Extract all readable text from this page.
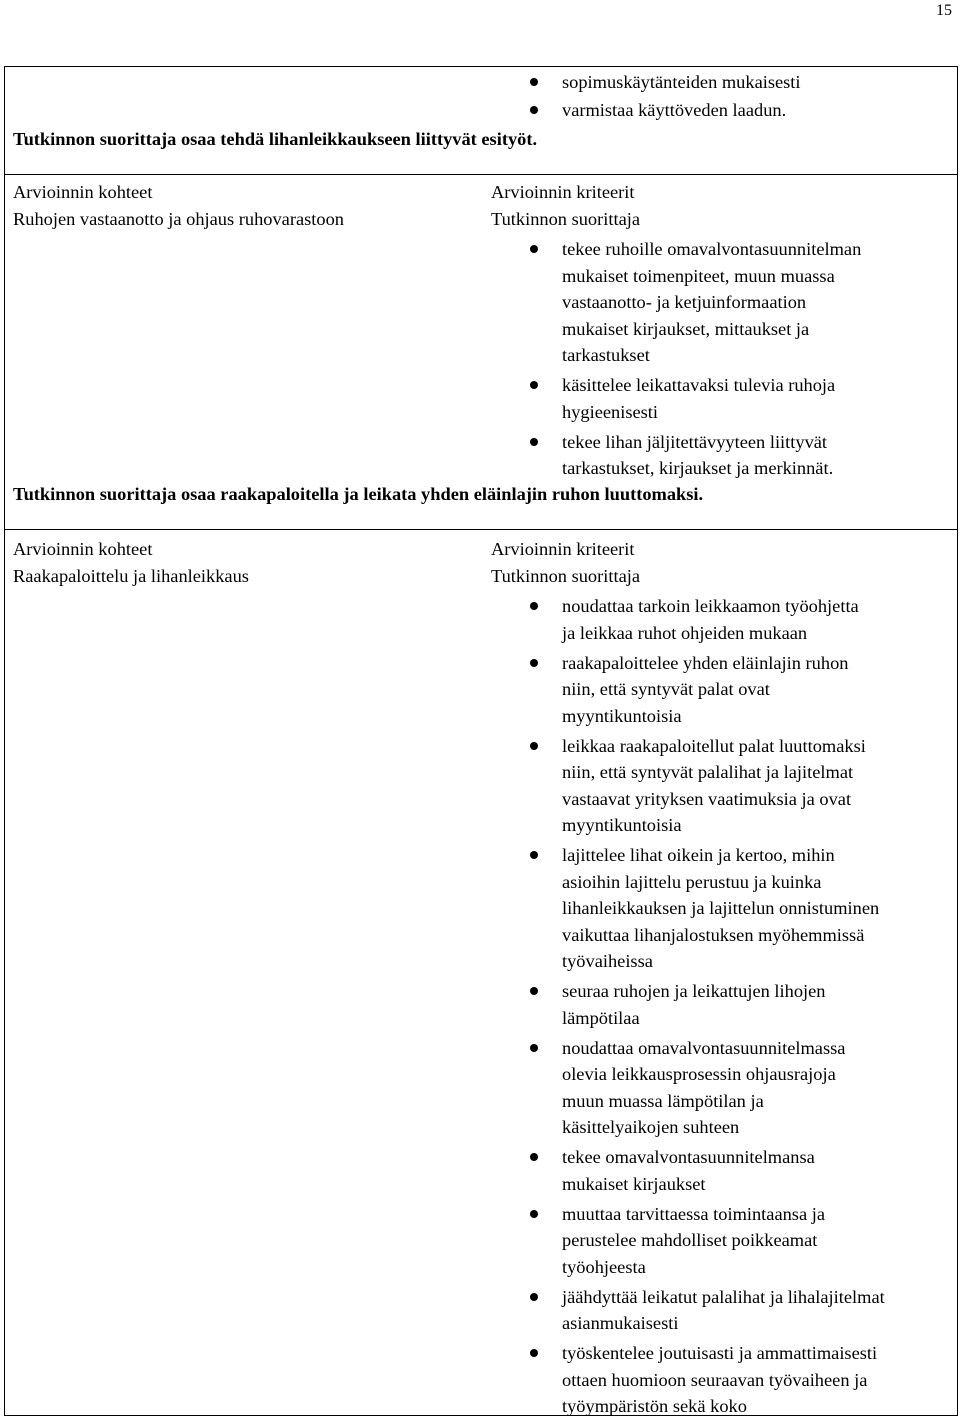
15
sopimuskäytänteiden mukaisesti
varmistaa käyttöveden laadun.
Tutkinnon suorittaja osaa tehdä lihanleikkaukseen liittyvät esityöt.
Arvioinnin kohteet	Arvioinnin kriteerit
Ruhojen vastaanotto ja ohjaus ruhovarastoon	Tutkinnon suorittaja
tekee ruhoille omavalvontasuunnitelman
mukaiset toimenpiteet, muun muassa
vastaanotto- ja ketjuinformaation
mukaiset kirjaukset, mittaukset ja
tarkastukset
käsittelee leikattavaksi tulevia ruhoja
hygieenisesti
tekee lihan jäljitettävyyteen liittyvät
tarkastukset, kirjaukset ja merkinnät.
Tutkinnon suorittaja osaa raakapaloitella ja leikata yhden eläinlajin ruhon luuttomaksi.
Arvioinnin kohteet	Arvioinnin kriteerit
Raakapaloittelu ja lihanleikkaus	Tutkinnon suorittaja
noudattaa tarkoin leikkaamon työohjetta
ja leikkaa ruhot ohjeiden mukaan
raakapaloittelee yhden eläinlajin ruhon
niin, että syntyvät palat ovat
myyntikuntoisia
leikkaa raakapaloitellut palat luuttomaksi
niin, että syntyvät palalihat ja lajitelmat
vastaavat yrityksen vaatimuksia ja ovat
myyntikuntoisia
lajittelee lihat oikein ja kertoo, mihin
asioihin lajittelu perustuu ja kuinka
lihanleikkauksen ja lajittelun onnistuminen
vaikuttaa lihanjalostuksen myöhemmissä
työvaiheissa
seuraa ruhojen ja leikattujen lihojen
lämpötilaa
noudattaa omavalvontasuunnitelmassa
olevia leikkausprosessin ohjausrajoja
muun muassa lämpötilan ja
käsittelyaikojen suhteen
tekee omavalvontasuunnitelmansa
mukaiset kirjaukset
muuttaa tarvittaessa toimintaansa ja
perustelee mahdolliset poikkeamat
työohjeesta
jäähdyttää leikatut palalihat ja lihalajitelmat
asianmukaisesti
työskentelee joutuisasti ja ammattimaisesti
ottaen huomioon seuraavan työvaiheen ja
työympäristön sekä koko
